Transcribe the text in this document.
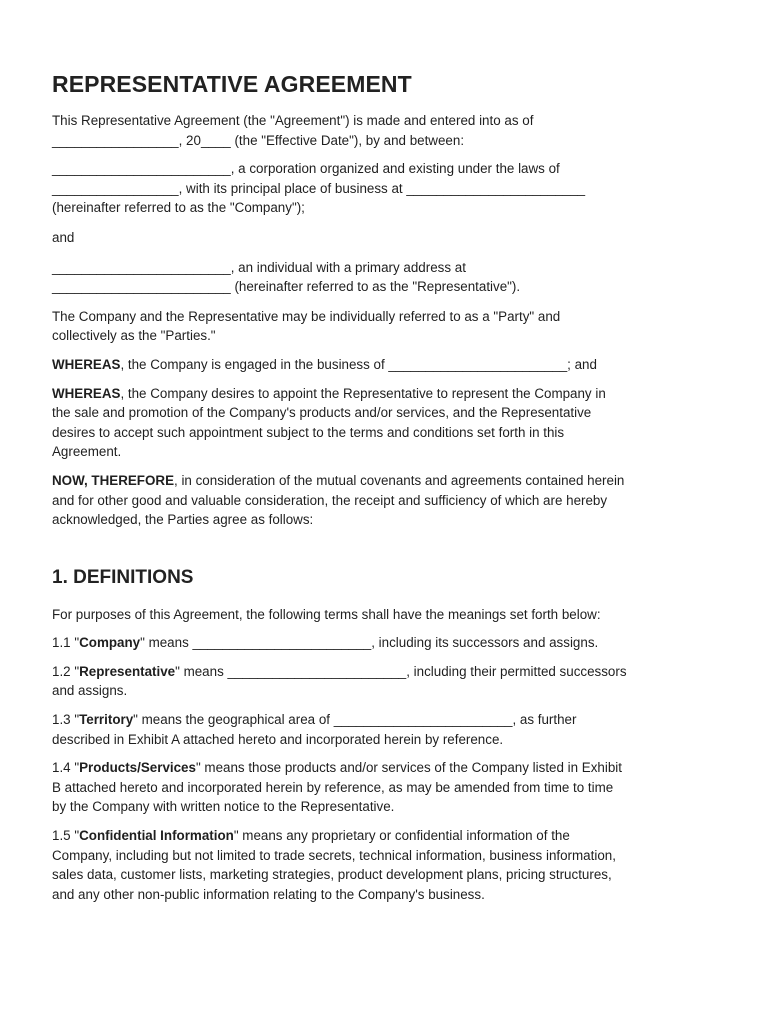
REPRESENTATIVE AGREEMENT

This Representative Agreement (the "Agreement") is made and entered into as of
_________________, 20____ (the "Effective Date"), by and between:

________________________, a corporation organized and existing under the laws of
_________________, with its principal place of business at ________________________
(hereinafter referred to as the "Company");

and

________________________, an individual with a primary address at
________________________ (hereinafter referred to as the "Representative").

The Company and the Representative may be individually referred to as a "Party" and
collectively as the "Parties."

WHEREAS, the Company is engaged in the business of ________________________; and

WHEREAS, the Company desires to appoint the Representative to represent the Company in
the sale and promotion of the Company's products and/or services, and the Representative
desires to accept such appointment subject to the terms and conditions set forth in this
Agreement.

NOW, THEREFORE, in consideration of the mutual covenants and agreements contained herein
and for other good and valuable consideration, the receipt and sufficiency of which are hereby
acknowledged, the Parties agree as follows:

1. DEFINITIONS

For purposes of this Agreement, the following terms shall have the meanings set forth below:

1.1 "Company" means ________________________, including its successors and assigns.

1.2 "Representative" means ________________________, including their permitted successors
and assigns.

1.3 "Territory" means the geographical area of ________________________, as further
described in Exhibit A attached hereto and incorporated herein by reference.

1.4 "Products/Services" means those products and/or services of the Company listed in Exhibit
B attached hereto and incorporated herein by reference, as may be amended from time to time
by the Company with written notice to the Representative.

1.5 "Confidential Information" means any proprietary or confidential information of the
Company, including but not limited to trade secrets, technical information, business information,
sales data, customer lists, marketing strategies, product development plans, pricing structures,
and any other non-public information relating to the Company's business.
